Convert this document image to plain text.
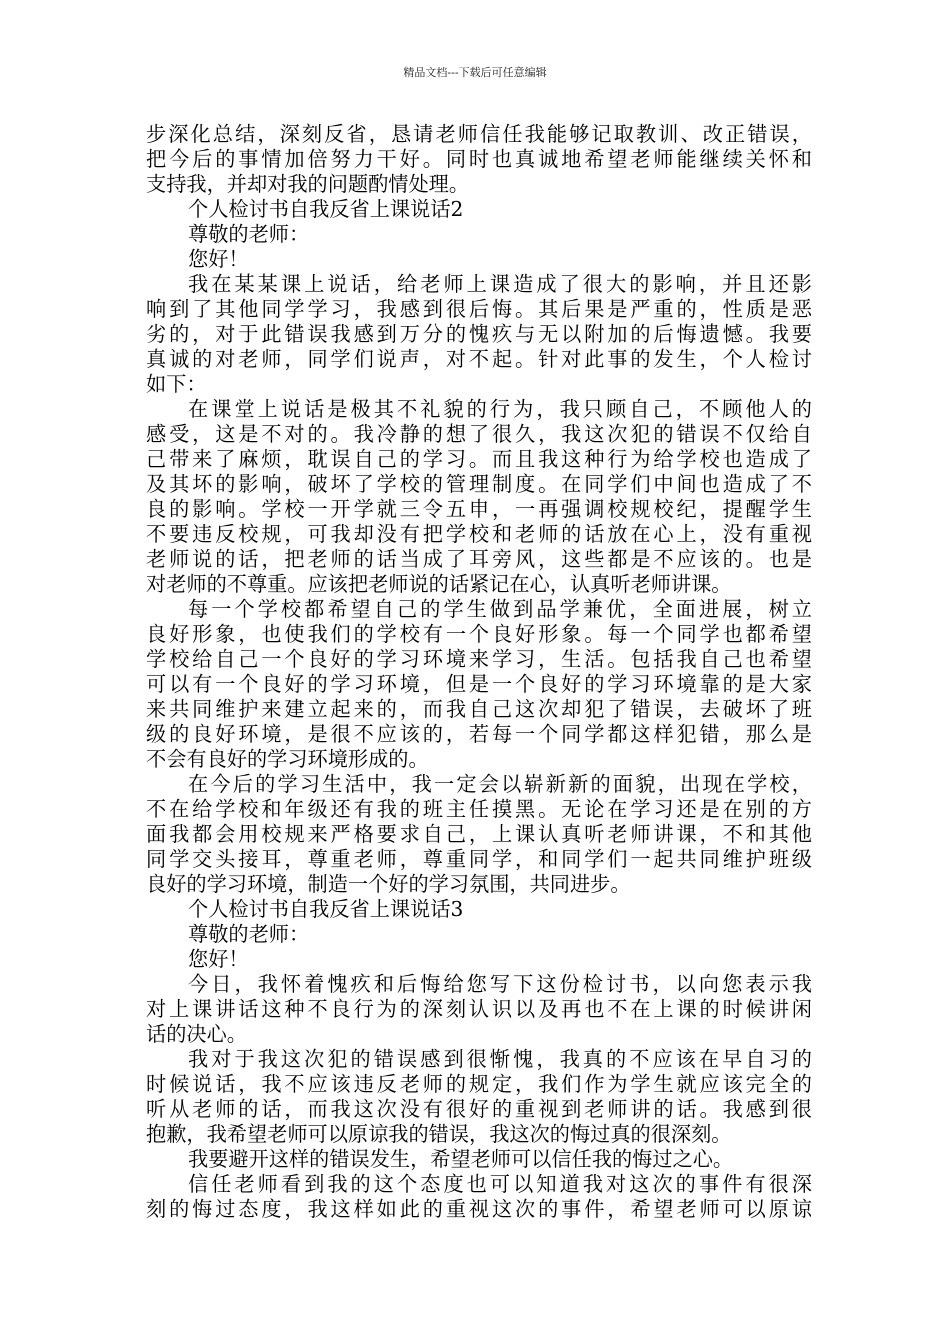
精品文档---下载后可任意编辑
步深化总结，深刻反省，恳请老师信任我能够记取教训、改正错误，
把今后的事情加倍努力干好。同时也真诚地希望老师能继续关怀和
支持我，并却对我的问题酌情处理。
个人检讨书自我反省上课说话2
尊敬的老师：
您好！
我在某某课上说话，给老师上课造成了很大的影响，并且还影
响到了其他同学学习，我感到很后悔。其后果是严重的，性质是恶
劣的，对于此错误我感到万分的愧疚与无以附加的后悔遗憾。我要
真诚的对老师，同学们说声，对不起。针对此事的发生，个人检讨
如下：
在课堂上说话是极其不礼貌的行为，我只顾自己，不顾他人的
感受，这是不对的。我冷静的想了很久，我这次犯的错误不仅给自
己带来了麻烦，耽误自己的学习。而且我这种行为给学校也造成了
及其坏的影响，破坏了学校的管理制度。在同学们中间也造成了不
良的影响。学校一开学就三令五申，一再强调校规校纪，提醒学生
不要违反校规，可我却没有把学校和老师的话放在心上，没有重视
老师说的话，把老师的话当成了耳旁风，这些都是不应该的。也是
对老师的不尊重。应该把老师说的话紧记在心，认真听老师讲课。
每一个学校都希望自己的学生做到品学兼优，全面进展，树立
良好形象，也使我们的学校有一个良好形象。每一个同学也都希望
学校给自己一个良好的学习环境来学习，生活。包括我自己也希望
可以有一个良好的学习环境，但是一个良好的学习环境靠的是大家
来共同维护来建立起来的，而我自己这次却犯了错误，去破坏了班
级的良好环境，是很不应该的，若每一个同学都这样犯错，那么是
不会有良好的学习环境形成的。
在今后的学习生活中，我一定会以崭新新的面貌，出现在学校，
不在给学校和年级还有我的班主任摸黑。无论在学习还是在别的方
面我都会用校规来严格要求自己，上课认真听老师讲课，不和其他
同学交头接耳，尊重老师，尊重同学，和同学们一起共同维护班级
良好的学习环境，制造一个好的学习氛围，共同进步。
个人检讨书自我反省上课说话3
尊敬的老师：
您好！
今日，我怀着愧疚和后悔给您写下这份检讨书，以向您表示我
对上课讲话这种不良行为的深刻认识以及再也不在上课的时候讲闲
话的决心。
我对于我这次犯的错误感到很惭愧，我真的不应该在早自习的
时候说话，我不应该违反老师的规定，我们作为学生就应该完全的
听从老师的话，而我这次没有很好的重视到老师讲的话。我感到很
抱歉，我希望老师可以原谅我的错误，我这次的悔过真的很深刻。
我要避开这样的错误发生，希望老师可以信任我的悔过之心。
信任老师看到我的这个态度也可以知道我对这次的事件有很深
刻的悔过态度，我这样如此的重视这次的事件，希望老师可以原谅
